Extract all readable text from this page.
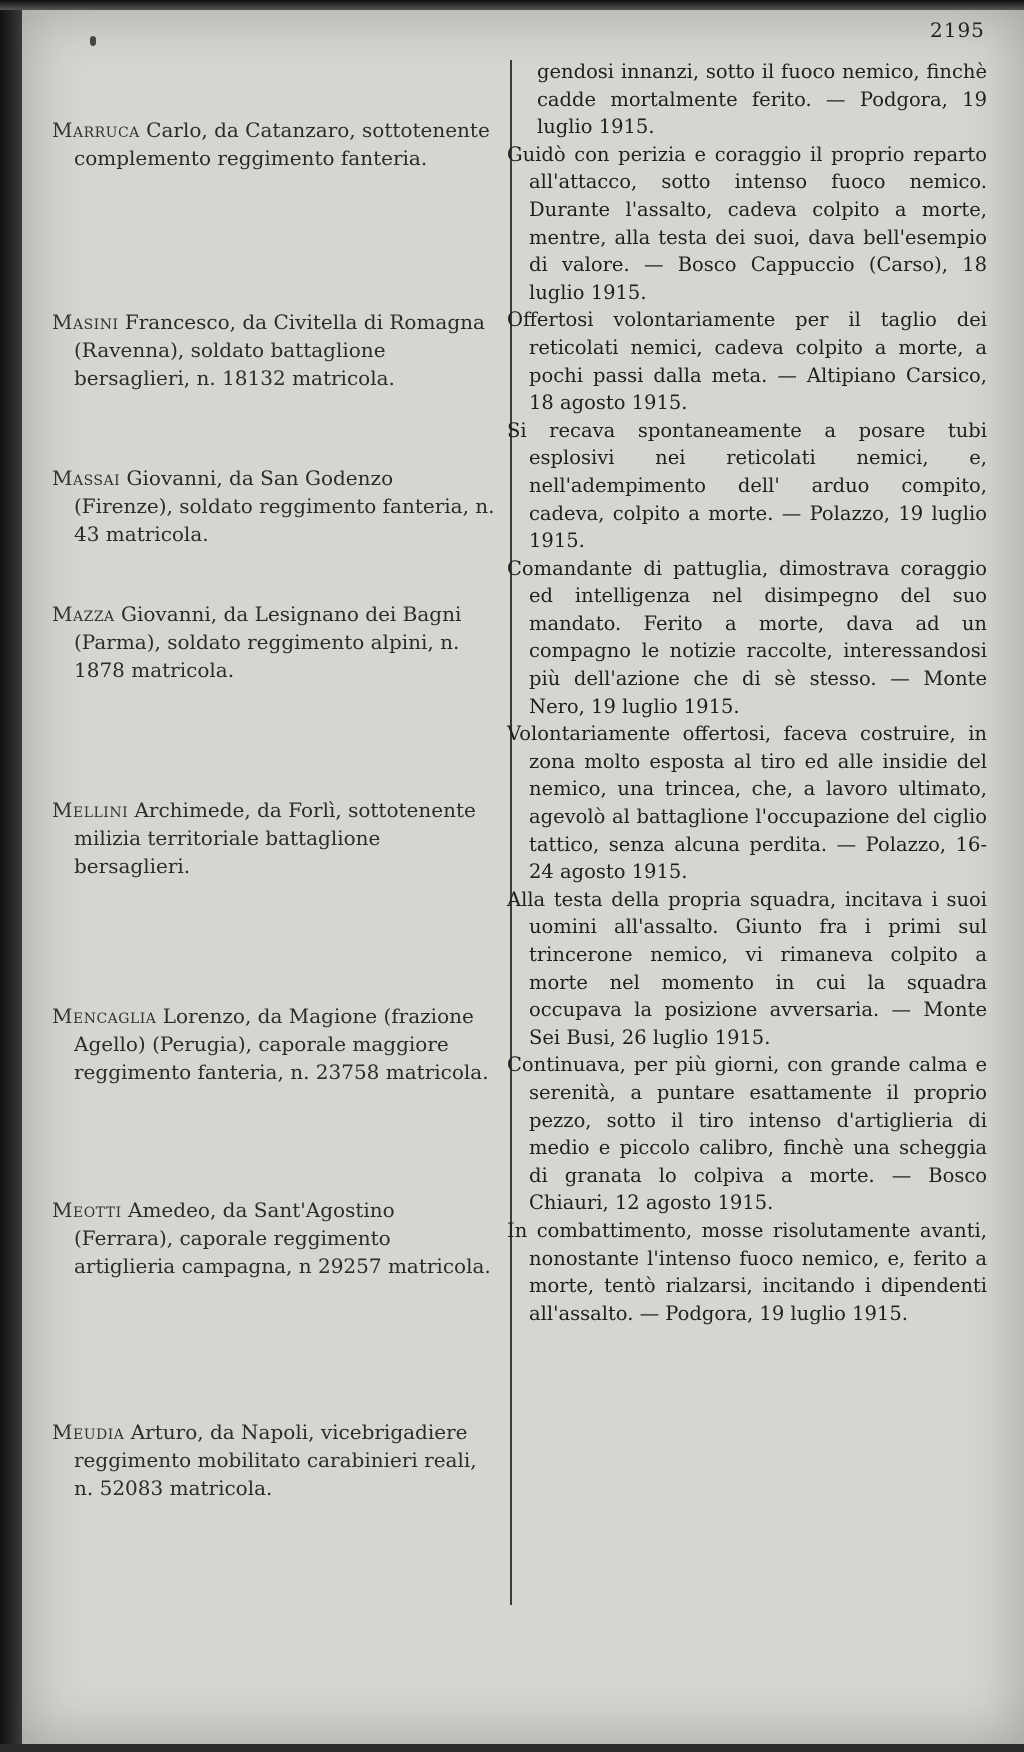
2195
Marruca Carlo, da Catanzaro, sottotenente complemento reggimento fanteria.
Masini Francesco, da Civitella di Romagna (Ravenna), soldato battaglione bersaglieri, n. 18132 matricola.
Massai Giovanni, da San Godenzo (Firenze), soldato reggimento fanteria, n. 43 matricola.
Mazza Giovanni, da Lesignano dei Bagni (Parma), soldato reggimento alpini, n. 1878 matricola.
Mellini Archimede, da Forlì, sottotenente milizia territoriale battaglione bersaglieri.
Mencaglia Lorenzo, da Magione (frazione Agello) (Perugia), caporale maggiore reggimento fanteria, n. 23758 matricola.
Meotti Amedeo, da Sant'Agostino (Ferrara), caporale reggimento artiglieria campagna, n 29257 matricola.
Meudia Arturo, da Napoli, vicebrigadiere reggimento mobilitato carabinieri reali, n. 52083 matricola.

gendosi innanzi, sotto il fuoco nemico, finchè cadde mortalmente ferito. — Podgora, 19 luglio 1915.

Guidò con perizia e coraggio il proprio reparto all'attacco, sotto intenso fuoco nemico. Durante l'assalto, cadeva colpito a morte, mentre, alla testa dei suoi, dava bell'esempio di valore. — Bosco Cappuccio (Carso), 18 luglio 1915.

Offertosi volontariamente per il taglio dei reticolati nemici, cadeva colpito a morte, a pochi passi dalla meta. — Altipiano Carsico, 18 agosto 1915.

Si recava spontaneamente a posare tubi esplosivi nei reticolati nemici, e, nell'adempimento dell' arduo compito, cadeva, colpito a morte. — Polazzo, 19 luglio 1915.

Comandante di pattuglia, dimostrava coraggio ed intelligenza nel disimpegno del suo mandato. Ferito a morte, dava ad un compagno le notizie raccolte, interessandosi più dell'azione che di sè stesso. — Monte Nero, 19 luglio 1915.

Volontariamente offertosi, faceva costruire, in zona molto esposta al tiro ed alle insidie del nemico, una trincea, che, a lavoro ultimato, agevolò al battaglione l'occupazione del ciglio tattico, senza alcuna perdita. — Polazzo, 16-24 agosto 1915.

Alla testa della propria squadra, incitava i suoi uomini all'assalto. Giunto fra i primi sul trincerone nemico, vi rimaneva colpito a morte nel momento in cui la squadra occupava la posizione avversaria. — Monte Sei Busi, 26 luglio 1915.

Continuava, per più giorni, con grande calma e serenità, a puntare esattamente il proprio pezzo, sotto il tiro intenso d'artiglieria di medio e piccolo calibro, finchè una scheggia di granata lo colpiva a morte. — Bosco Chiauri, 12 agosto 1915.

In combattimento, mosse risolutamente avanti, nonostante l'intenso fuoco nemico, e, ferito a morte, tentò rialzarsi, incitando i dipendenti all'assalto. — Podgora, 19 luglio 1915.
